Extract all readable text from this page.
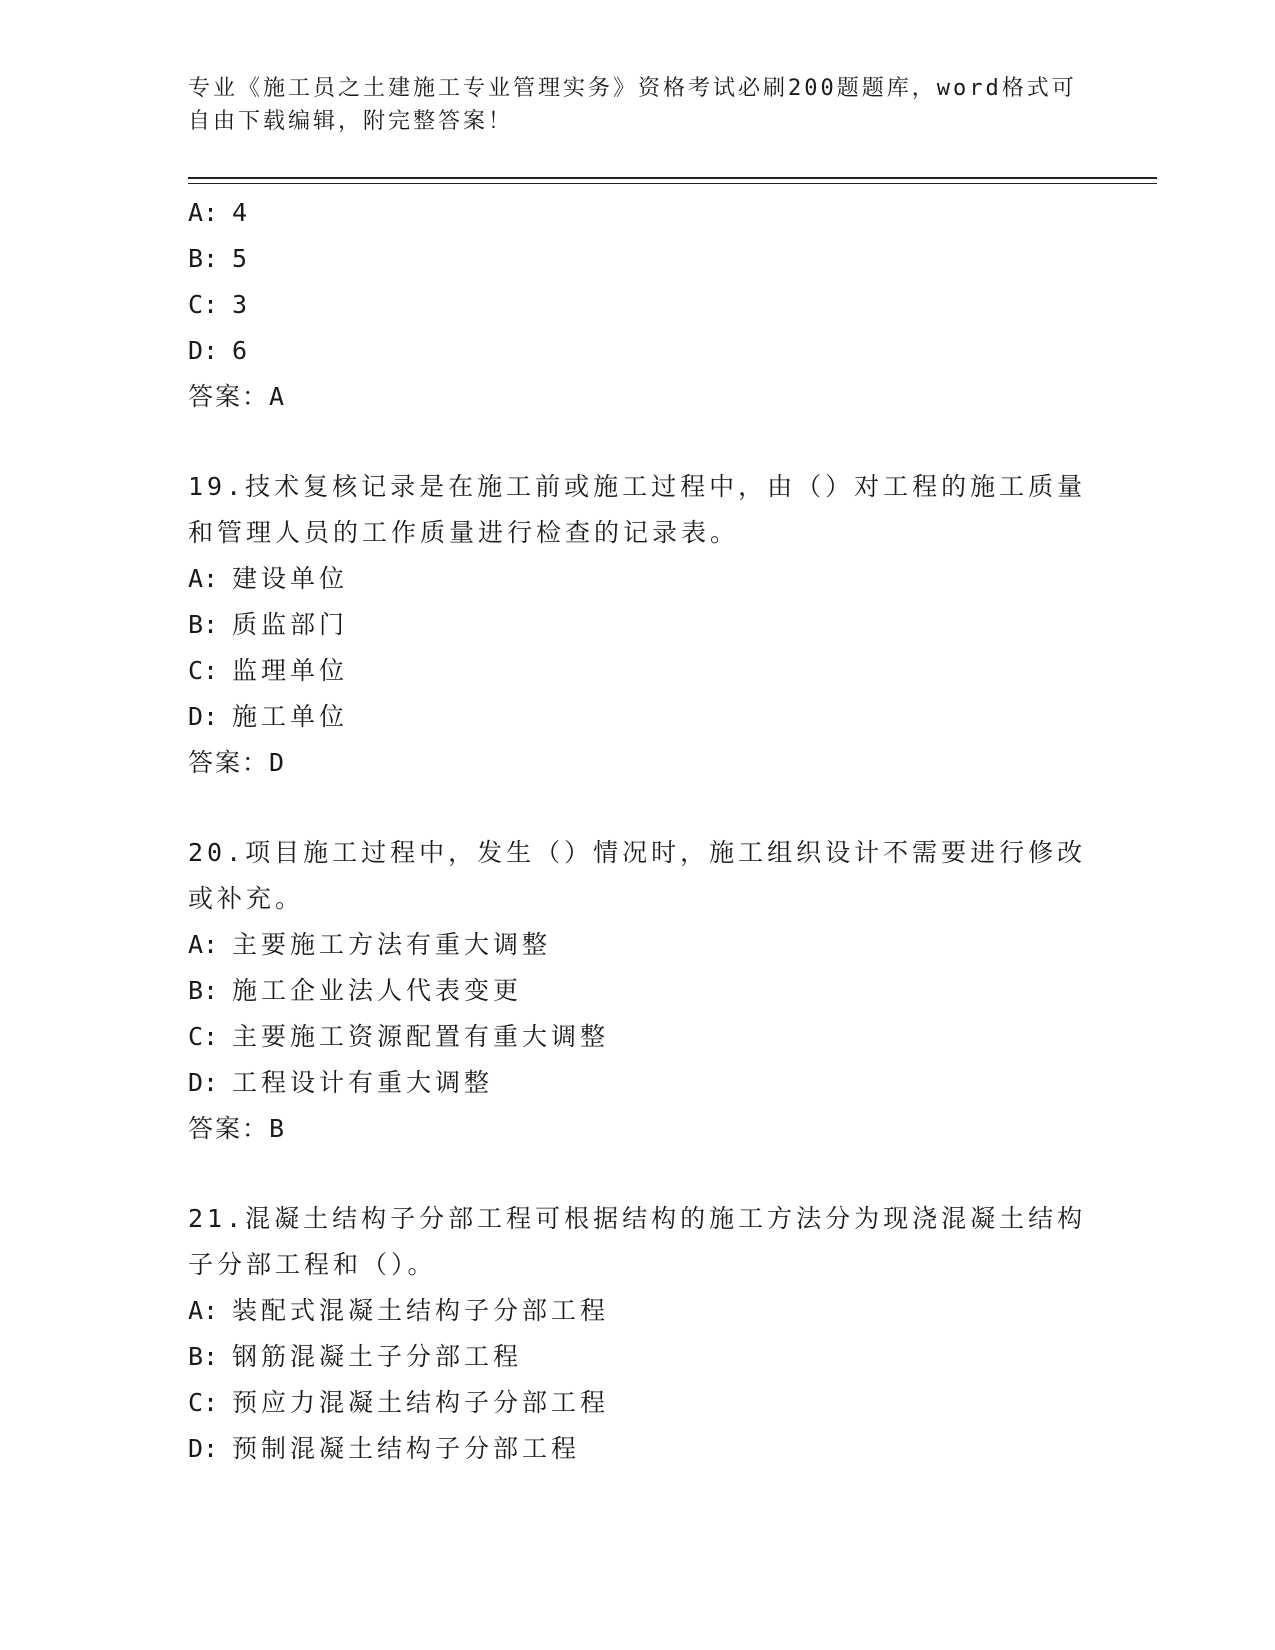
专业《施工员之土建施工专业管理实务》资格考试必刷200题题库，word格式可
自由下载编辑，附完整答案！
A: 4
B: 5
C: 3
D: 6
答案：A
19.技术复核记录是在施工前或施工过程中，由（）对工程的施工质量
和管理人员的工作质量进行检查的记录表。
A: 建设单位
B: 质监部门
C: 监理单位
D: 施工单位
答案：D
20.项目施工过程中，发生（）情况时，施工组织设计不需要进行修改
或补充。
A: 主要施工方法有重大调整
B: 施工企业法人代表变更
C: 主要施工资源配置有重大调整
D: 工程设计有重大调整
答案：B
21.混凝土结构子分部工程可根据结构的施工方法分为现浇混凝土结构
子分部工程和（）。
A: 装配式混凝土结构子分部工程
B: 钢筋混凝土子分部工程
C: 预应力混凝土结构子分部工程
D: 预制混凝土结构子分部工程
